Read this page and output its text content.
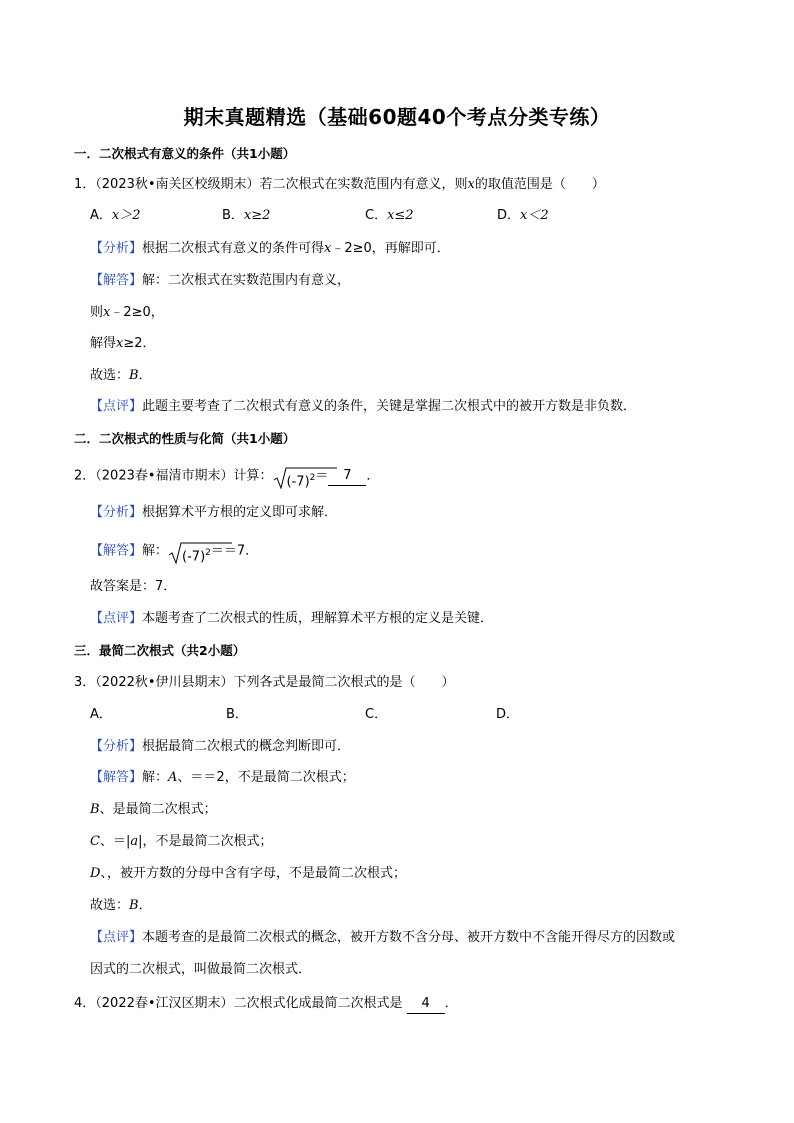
期末真题精选（基础60题40个考点分类专练）
一．二次根式有意义的条件（共1小题）
1．（2023秋•南关区校级期末）若二次根式在实数范围内有意义，则x的取值范围是（　　）
A．x＞2	B．x≥2	C．x≤2	D．x＜2
【分析】根据二次根式有意义的条件可得x﹣2≥0，再解即可．
【解答】解：二次根式在实数范围内有意义，
则x﹣2≥0，
解得x≥2．
故选：B．
【点评】此题主要考查了二次根式有意义的条件，关键是掌握二次根式中的被开方数是非负数．
二．二次根式的性质与化简（共1小题）
2．（2023春•福清市期末）计算： $(-7)^2= 7$ ．
【分析】根据算术平方根的定义即可求解．
【解答】解： $(-7)^2==7$．
故答案是：7．
【点评】本题考查了二次根式的性质，理解算术平方根的定义是关键．
三．最简二次根式（共2小题）
3．（2022秋•伊川县期末）下列各式是最简二次根式的是（　　）
A．	B．	C．	D．
【分析】根据最简二次根式的概念判断即可．
【解答】解：A、＝＝2，不是最简二次根式；
B、是最简二次根式；
C、＝|a|，不是最简二次根式；
D、，被开方数的分母中含有字母，不是最简二次根式；
故选：B．
【点评】本题考查的是最简二次根式的概念，被开方数不含分母、被开方数中不含能开得尽方的因数或
因式的二次根式，叫做最简二次根式．
4．（2022春•江汉区期末）二次根式化成最简二次根式是 4 ．
